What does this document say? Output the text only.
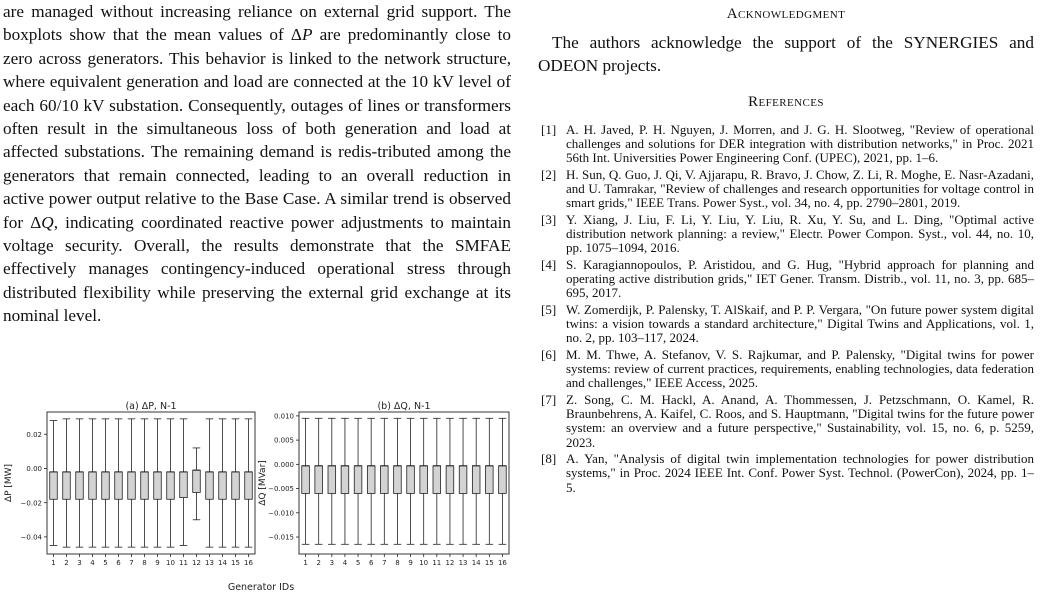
are managed without increasing reliance on external grid support. The boxplots show that the mean values of ΔP are predominantly close to zero across generators. This behavior is linked to the network structure, where equivalent generation and load are connected at the 10 kV level of each 60/10 kV substation. Consequently, outages of lines or transformers often result in the simultaneous loss of both generation and load at affected substations. The remaining demand is redis-tributed among the generators that remain connected, leading to an overall reduction in active power output relative to the Base Case. A similar trend is observed for ΔQ, indicating coordinated reactive power adjustments to maintain voltage security. Overall, the results demonstrate that the SMFAE effectively manages contingency-induced operational stress through distributed flexibility while preserving the external grid exchange at its nominal level.

(a) ΔP, N-1
ΔP [MW]
0.02
0.00
−0.02
−0.04
1 2 3 4 5 6 7 8 9 10 11 12 13 14 15 16
(b) ΔQ, N-1
ΔQ [MVar]
0.010
0.005
0.000
−0.005
−0.010
−0.015
1 2 3 4 5 6 7 8 9 10 11 12 13 14 15 16
Generator IDs
Acknowledgment

The authors acknowledge the support of the SYNERGIES and ODEON projects.

References
[1] A. H. Javed, P. H. Nguyen, J. Morren, and J. G. H. Slootweg, "Review of operational challenges and solutions for DER integration with distribution networks," in Proc. 2021 56th Int. Universities Power Engineering Conf. (UPEC), 2021, pp. 1–6.
[2] H. Sun, Q. Guo, J. Qi, V. Ajjarapu, R. Bravo, J. Chow, Z. Li, R. Moghe, E. Nasr-Azadani, and U. Tamrakar, "Review of challenges and research opportunities for voltage control in smart grids," IEEE Trans. Power Syst., vol. 34, no. 4, pp. 2790–2801, 2019.
[3] Y. Xiang, J. Liu, F. Li, Y. Liu, Y. Liu, R. Xu, Y. Su, and L. Ding, "Optimal active distribution network planning: a review," Electr. Power Compon. Syst., vol. 44, no. 10, pp. 1075–1094, 2016.
[4] S. Karagiannopoulos, P. Aristidou, and G. Hug, "Hybrid approach for planning and operating active distribution grids," IET Gener. Transm. Distrib., vol. 11, no. 3, pp. 685–695, 2017.
[5] W. Zomerdijk, P. Palensky, T. AlSkaif, and P. P. Vergara, "On future power system digital twins: a vision towards a standard architecture," Digital Twins and Applications, vol. 1, no. 2, pp. 103–117, 2024.
[6] M. M. Thwe, A. Stefanov, V. S. Rajkumar, and P. Palensky, "Digital twins for power systems: review of current practices, requirements, enabling technologies, data federation and challenges," IEEE Access, 2025.
[7] Z. Song, C. M. Hackl, A. Anand, A. Thommessen, J. Petzschmann, O. Kamel, R. Braunbehrens, A. Kaifel, C. Roos, and S. Hauptmann, "Digital twins for the future power system: an overview and a future perspective," Sustainability, vol. 15, no. 6, p. 5259, 2023.
[8] A. Yan, "Analysis of digital twin implementation technologies for power distribution systems," in Proc. 2024 IEEE Int. Conf. Power Syst. Technol. (PowerCon), 2024, pp. 1–5.
